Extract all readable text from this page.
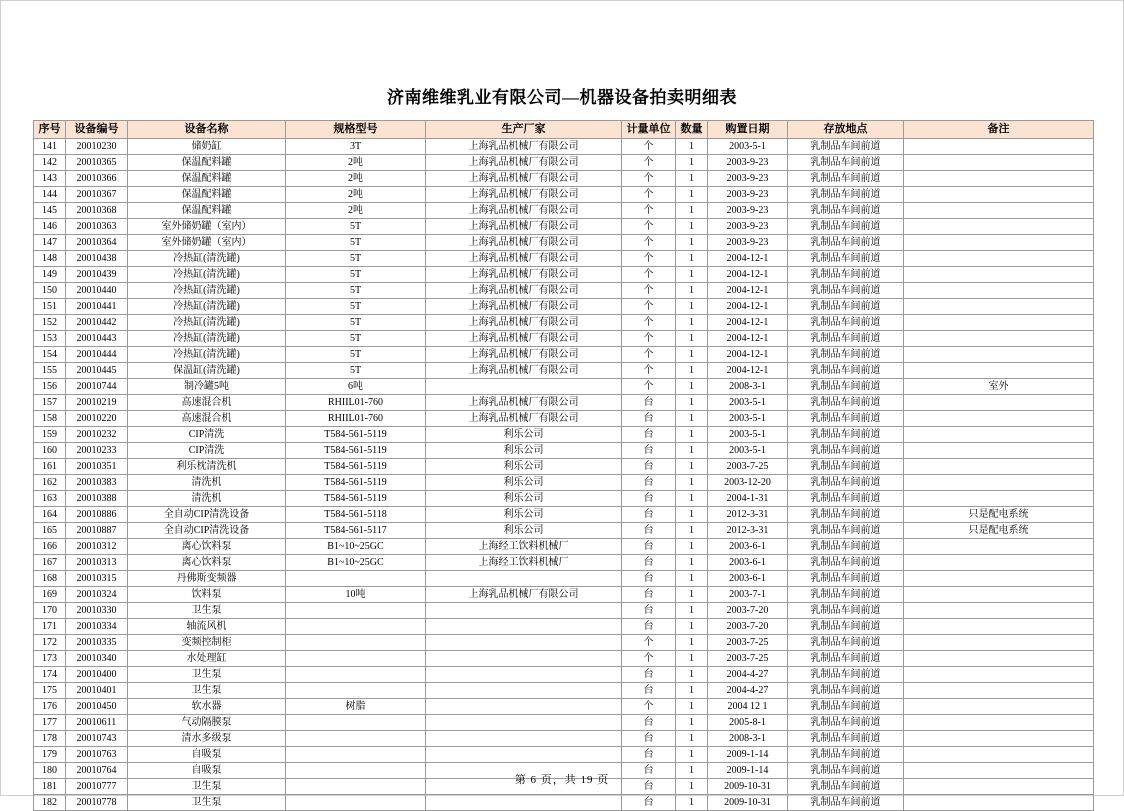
济南维维乳业有限公司—机器设备拍卖明细表
序号	设备编号	设备名称	规格型号	生产厂家	计量单位	数量	购置日期	存放地点	备注
141	20010230	储奶缸	3T	上海乳品机械厂有限公司	个	1	2003-5-1	乳制品车间前道	
142	20010365	保温配料罐	2吨	上海乳品机械厂有限公司	个	1	2003-9-23	乳制品车间前道	
143	20010366	保温配料罐	2吨	上海乳品机械厂有限公司	个	1	2003-9-23	乳制品车间前道	
144	20010367	保温配料罐	2吨	上海乳品机械厂有限公司	个	1	2003-9-23	乳制品车间前道	
145	20010368	保温配料罐	2吨	上海乳品机械厂有限公司	个	1	2003-9-23	乳制品车间前道	
146	20010363	室外储奶罐（室内）	5T	上海乳品机械厂有限公司	个	1	2003-9-23	乳制品车间前道	
147	20010364	室外储奶罐（室内）	5T	上海乳品机械厂有限公司	个	1	2003-9-23	乳制品车间前道	
148	20010438	冷热缸(清洗罐)	5T	上海乳品机械厂有限公司	个	1	2004-12-1	乳制品车间前道	
149	20010439	冷热缸(清洗罐)	5T	上海乳品机械厂有限公司	个	1	2004-12-1	乳制品车间前道	
150	20010440	冷热缸(清洗罐)	5T	上海乳品机械厂有限公司	个	1	2004-12-1	乳制品车间前道	
151	20010441	冷热缸(清洗罐)	5T	上海乳品机械厂有限公司	个	1	2004-12-1	乳制品车间前道	
152	20010442	冷热缸(清洗罐)	5T	上海乳品机械厂有限公司	个	1	2004-12-1	乳制品车间前道	
153	20010443	冷热缸(清洗罐)	5T	上海乳品机械厂有限公司	个	1	2004-12-1	乳制品车间前道	
154	20010444	冷热缸(清洗罐)	5T	上海乳品机械厂有限公司	个	1	2004-12-1	乳制品车间前道	
155	20010445	保温缸(清洗罐)	5T	上海乳品机械厂有限公司	个	1	2004-12-1	乳制品车间前道	
156	20010744	制冷罐5吨	6吨		个	1	2008-3-1	乳制品车间前道	室外
157	20010219	高速混合机	RHIIL01-760	上海乳品机械厂有限公司	台	1	2003-5-1	乳制品车间前道	
158	20010220	高速混合机	RHIIL01-760	上海乳品机械厂有限公司	台	1	2003-5-1	乳制品车间前道	
159	20010232	CIP清洗	T584-561-5119	利乐公司	台	1	2003-5-1	乳制品车间前道	
160	20010233	CIP清洗	T584-561-5119	利乐公司	台	1	2003-5-1	乳制品车间前道	
161	20010351	利乐枕清洗机	T584-561-5119	利乐公司	台	1	2003-7-25	乳制品车间前道	
162	20010383	清洗机	T584-561-5119	利乐公司	台	1	2003-12-20	乳制品车间前道	
163	20010388	清洗机	T584-561-5119	利乐公司	台	1	2004-1-31	乳制品车间前道	
164	20010886	全自动CIP清洗设备	T584-561-5118	利乐公司	台	1	2012-3-31	乳制品车间前道	只是配电系统
165	20010887	全自动CIP清洗设备	T584-561-5117	利乐公司	台	1	2012-3-31	乳制品车间前道	只是配电系统
166	20010312	离心饮料泵	B1~10~25GC	上海经工饮料机械厂	台	1	2003-6-1	乳制品车间前道	
167	20010313	离心饮料泵	B1~10~25GC	上海经工饮料机械厂	台	1	2003-6-1	乳制品车间前道	
168	20010315	丹佛斯变频器			台	1	2003-6-1	乳制品车间前道	
169	20010324	饮料泵	10吨	上海乳品机械厂有限公司	台	1	2003-7-1	乳制品车间前道	
170	20010330	卫生泵			台	1	2003-7-20	乳制品车间前道	
171	20010334	轴流风机			台	1	2003-7-20	乳制品车间前道	
172	20010335	变频控制柜			个	1	2003-7-25	乳制品车间前道	
173	20010340	水处理缸			个	1	2003-7-25	乳制品车间前道	
174	20010400	卫生泵			台	1	2004-4-27	乳制品车间前道	
175	20010401	卫生泵			台	1	2004-4-27	乳制品车间前道	
176	20010450	软水器	树脂		个	1	2004 12 1	乳制品车间前道	
177	20010611	气动隔膜泵			台	1	2005-8-1	乳制品车间前道	
178	20010743	清水多级泵			台	1	2008-3-1	乳制品车间前道	
179	20010763	自吸泵			台	1	2009-1-14	乳制品车间前道	
180	20010764	自吸泵			台	1	2009-1-14	乳制品车间前道	
181	20010777	卫生泵			台	1	2009-10-31	乳制品车间前道	
182	20010778	卫生泵			台	1	2009-10-31	乳制品车间前道	
第 6 页，共 19 页
